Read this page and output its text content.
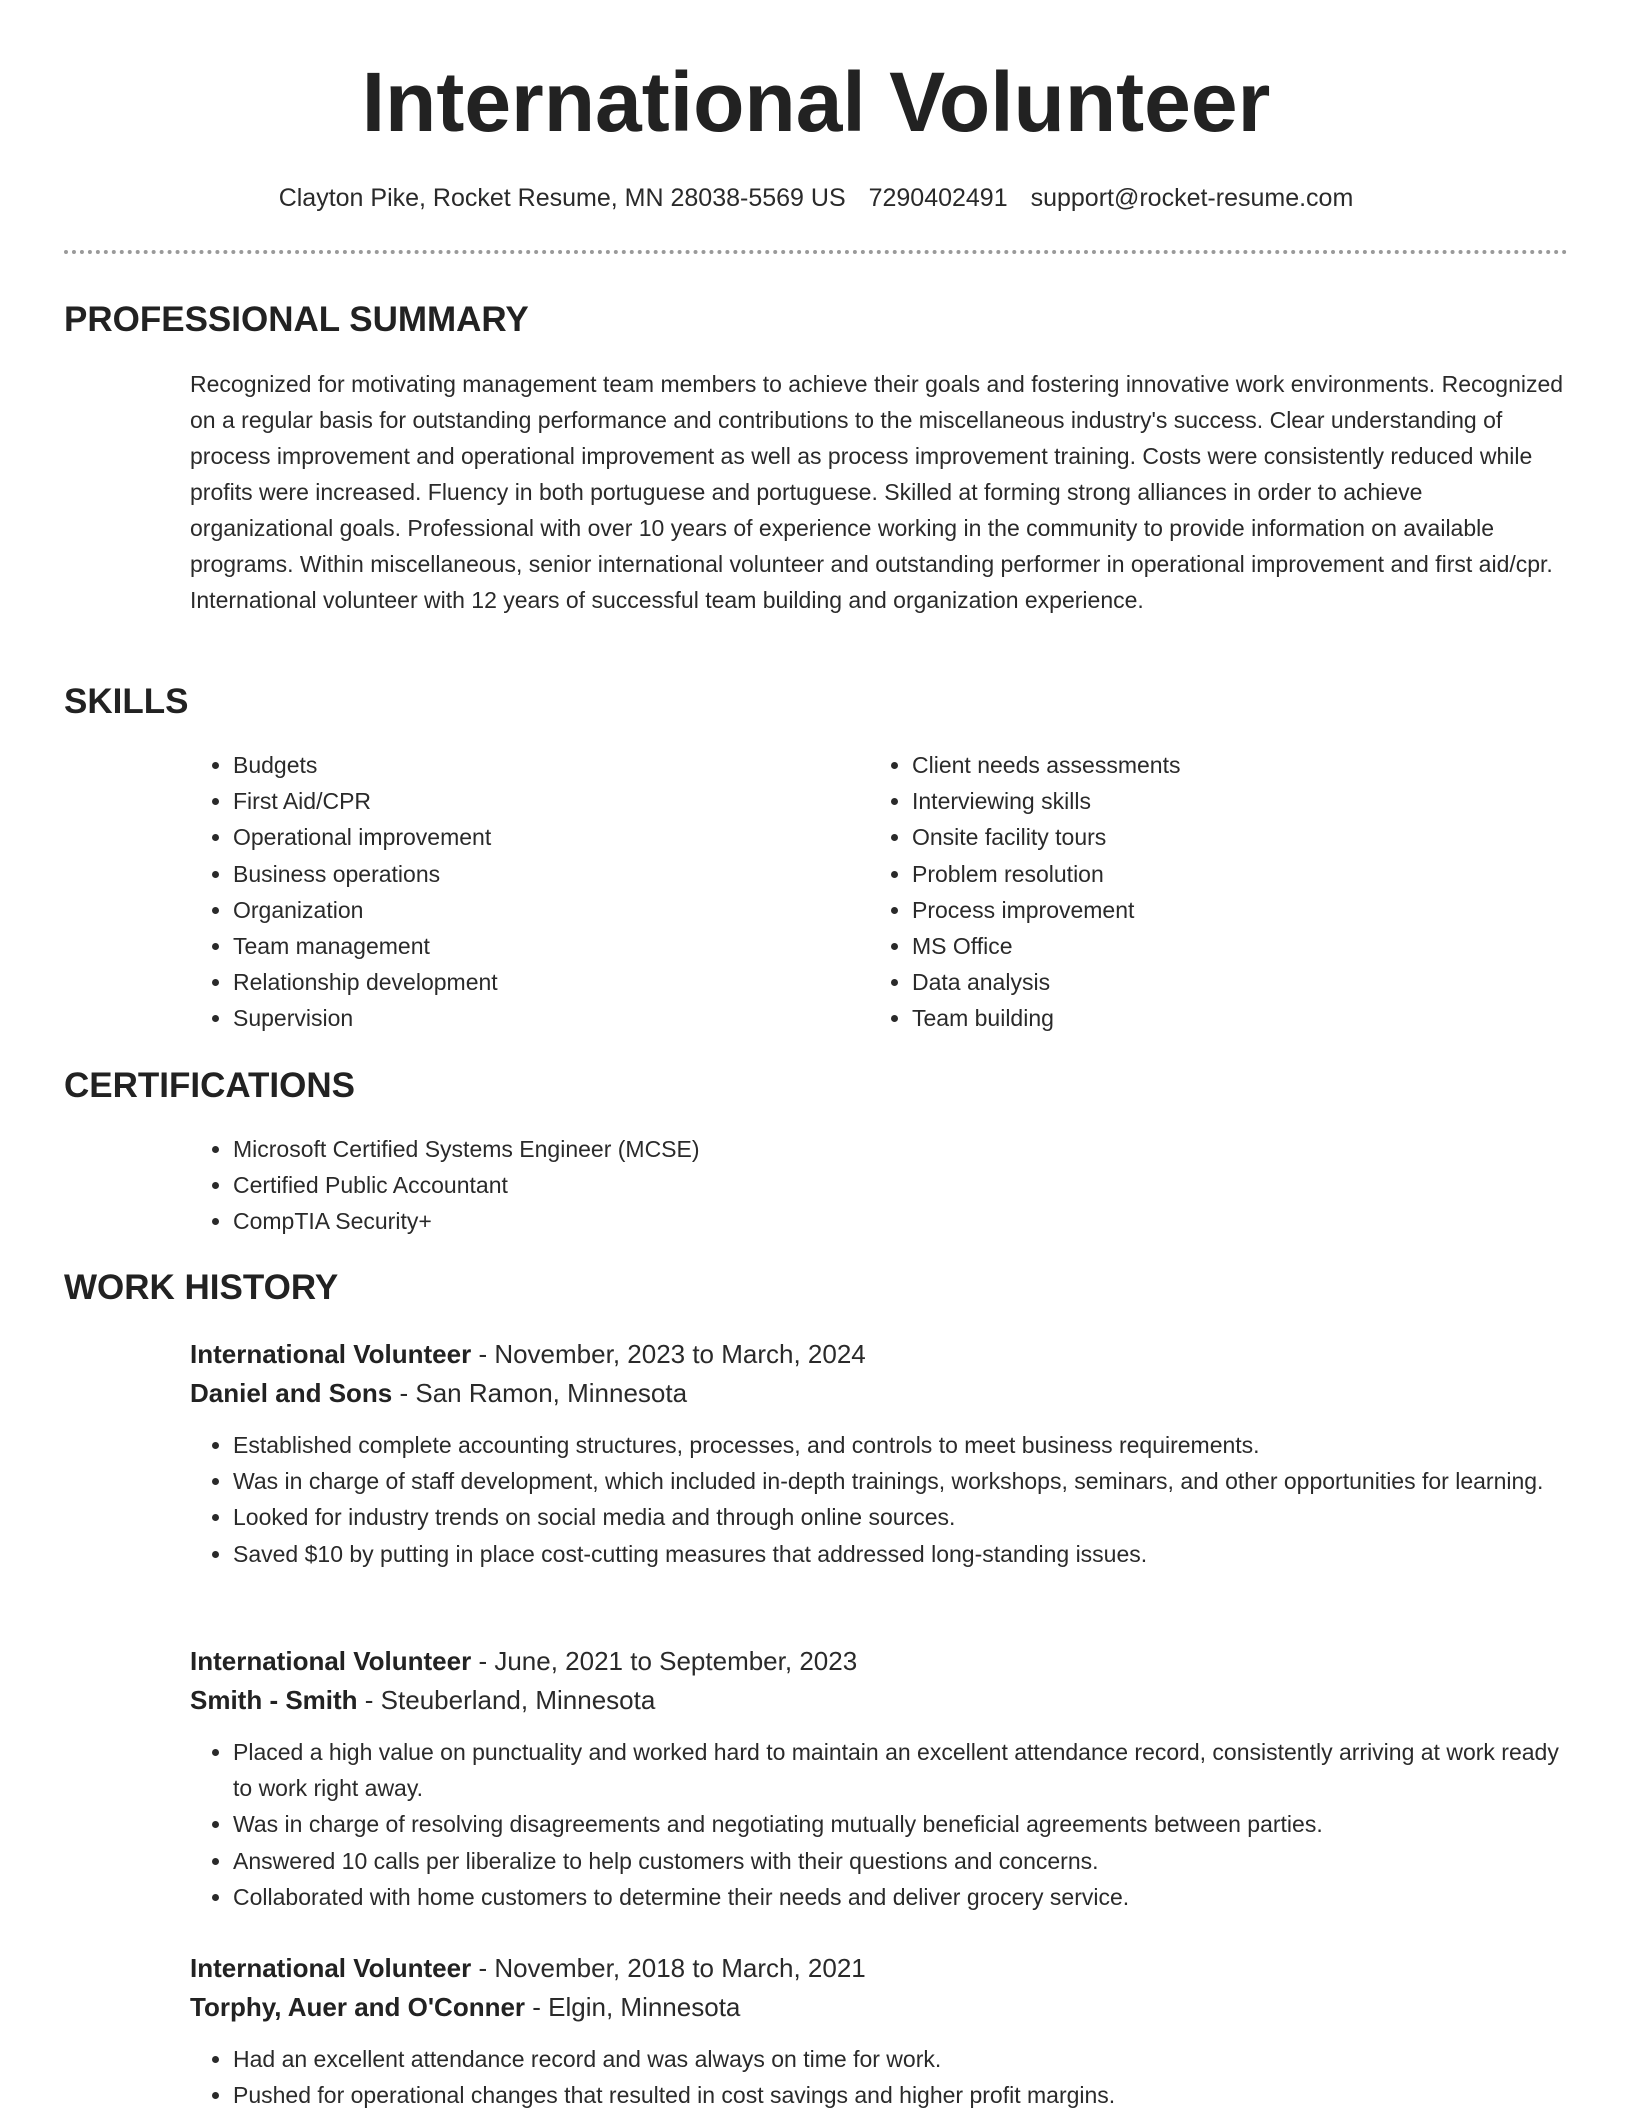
International Volunteer
Clayton Pike, Rocket Resume, MN 28038-5569 US 7290402491 support@rocket-resume.com
PROFESSIONAL SUMMARY

Recognized for motivating management team members to achieve their goals and fostering innovative work environments. Recognized on a regular basis for outstanding performance and contributions to the miscellaneous industry's success. Clear understanding of process improvement and operational improvement as well as process improvement training. Costs were consistently reduced while profits were increased. Fluency in both portuguese and portuguese. Skilled at forming strong alliances in order to achieve organizational goals. Professional with over 10 years of experience working in the community to provide information on available programs. Within miscellaneous, senior international volunteer and outstanding performer in operational improvement and first aid/cpr. International volunteer with 12 years of successful team building and organization experience.

SKILLS
• Budgets
• First Aid/CPR
• Operational improvement
• Business operations
• Organization
• Team management
• Relationship development
• Supervision
• Client needs assessments
• Interviewing skills
• Onsite facility tours
• Problem resolution
• Process improvement
• MS Office
• Data analysis
• Team building
CERTIFICATIONS
• Microsoft Certified Systems Engineer (MCSE)
• Certified Public Accountant
• CompTIA Security+
WORK HISTORY
International Volunteer - November, 2023 to March, 2024
Daniel and Sons - San Ramon, Minnesota
• Established complete accounting structures, processes, and controls to meet business requirements.
• Was in charge of staff development, which included in-depth trainings, workshops, seminars, and other opportunities for learning.
• Looked for industry trends on social media and through online sources.
• Saved $10 by putting in place cost-cutting measures that addressed long-standing issues.
International Volunteer - June, 2021 to September, 2023
Smith - Smith - Steuberland, Minnesota
• Placed a high value on punctuality and worked hard to maintain an excellent attendance record, consistently arriving at work ready to work right away.
• Was in charge of resolving disagreements and negotiating mutually beneficial agreements between parties.
• Answered 10 calls per liberalize to help customers with their questions and concerns.
• Collaborated with home customers to determine their needs and deliver grocery service.
International Volunteer - November, 2018 to March, 2021
Torphy, Auer and O'Conner - Elgin, Minnesota
• Had an excellent attendance record and was always on time for work.
• Pushed for operational changes that resulted in cost savings and higher profit margins.
